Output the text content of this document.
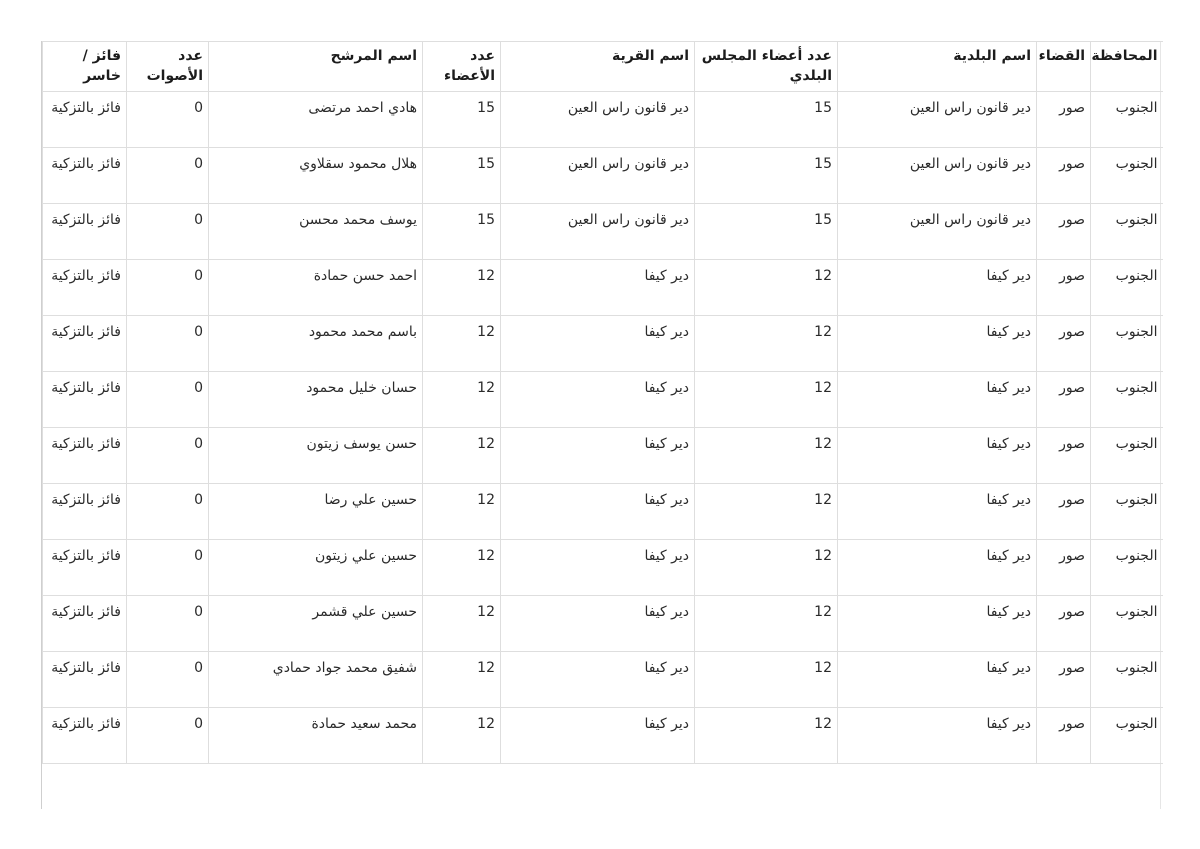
المحافظة	القضاء	اسم البلدية	عدد أعضاء المجلس البلدي	اسم القرية	عدد الأعضاء	اسم المرشح	عدد الأصوات	فائز / خاسر
الجنوب	صور	دير قانون راس العين	15	دير قانون راس العين	15	هادي احمد مرتضى	0	فائز بالتزكية
الجنوب	صور	دير قانون راس العين	15	دير قانون راس العين	15	هلال محمود سقلاوي	0	فائز بالتزكية
الجنوب	صور	دير قانون راس العين	15	دير قانون راس العين	15	يوسف محمد محسن	0	فائز بالتزكية
الجنوب	صور	دير كيفا	12	دير كيفا	12	احمد حسن حمادة	0	فائز بالتزكية
الجنوب	صور	دير كيفا	12	دير كيفا	12	باسم محمد محمود	0	فائز بالتزكية
الجنوب	صور	دير كيفا	12	دير كيفا	12	حسان خليل محمود	0	فائز بالتزكية
الجنوب	صور	دير كيفا	12	دير كيفا	12	حسن يوسف زيتون	0	فائز بالتزكية
الجنوب	صور	دير كيفا	12	دير كيفا	12	حسين علي رضا	0	فائز بالتزكية
الجنوب	صور	دير كيفا	12	دير كيفا	12	حسين علي زيتون	0	فائز بالتزكية
الجنوب	صور	دير كيفا	12	دير كيفا	12	حسين علي قشمر	0	فائز بالتزكية
الجنوب	صور	دير كيفا	12	دير كيفا	12	شفيق محمد جواد حمادي	0	فائز بالتزكية
الجنوب	صور	دير كيفا	12	دير كيفا	12	محمد سعيد حمادة	0	فائز بالتزكية
